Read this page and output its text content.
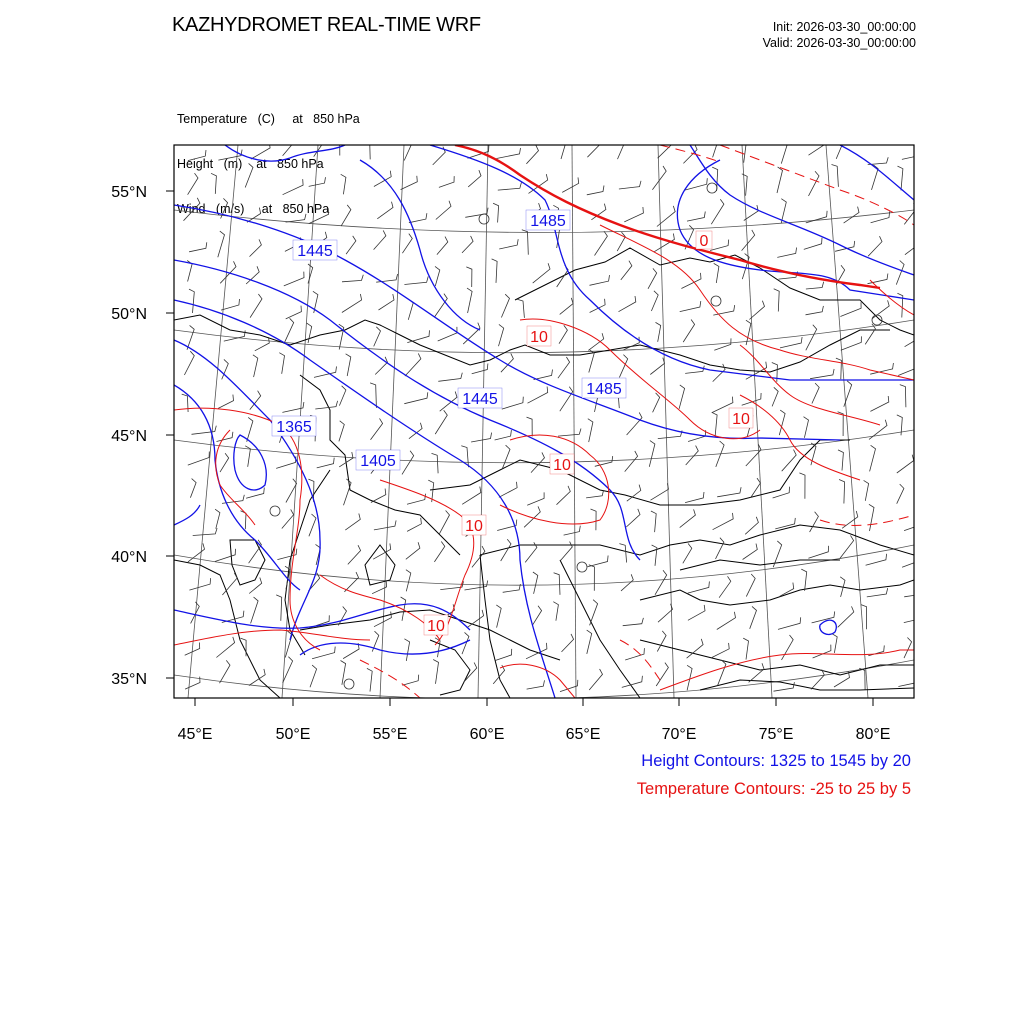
KAZHYDROMET REAL-TIME WRF	Init: 2026-03-30_00:00:00
Valid: 2026-03-30_00:00:00

Temperature (C) at   850 hPa

Height (m) at   850 hPa

Wind (m/s) at   850 hPa

1485
1445
1485
1445
1365
1405
0
10
10
10
10
10
45°E	50°E	55°E	60°E	65°E	70°E	75°E	80°E
55°N
50°N
45°N
40°N
35°N
Height Contours: 1325 to 1545 by 20
Temperature Contours: -25 to 25 by 5
